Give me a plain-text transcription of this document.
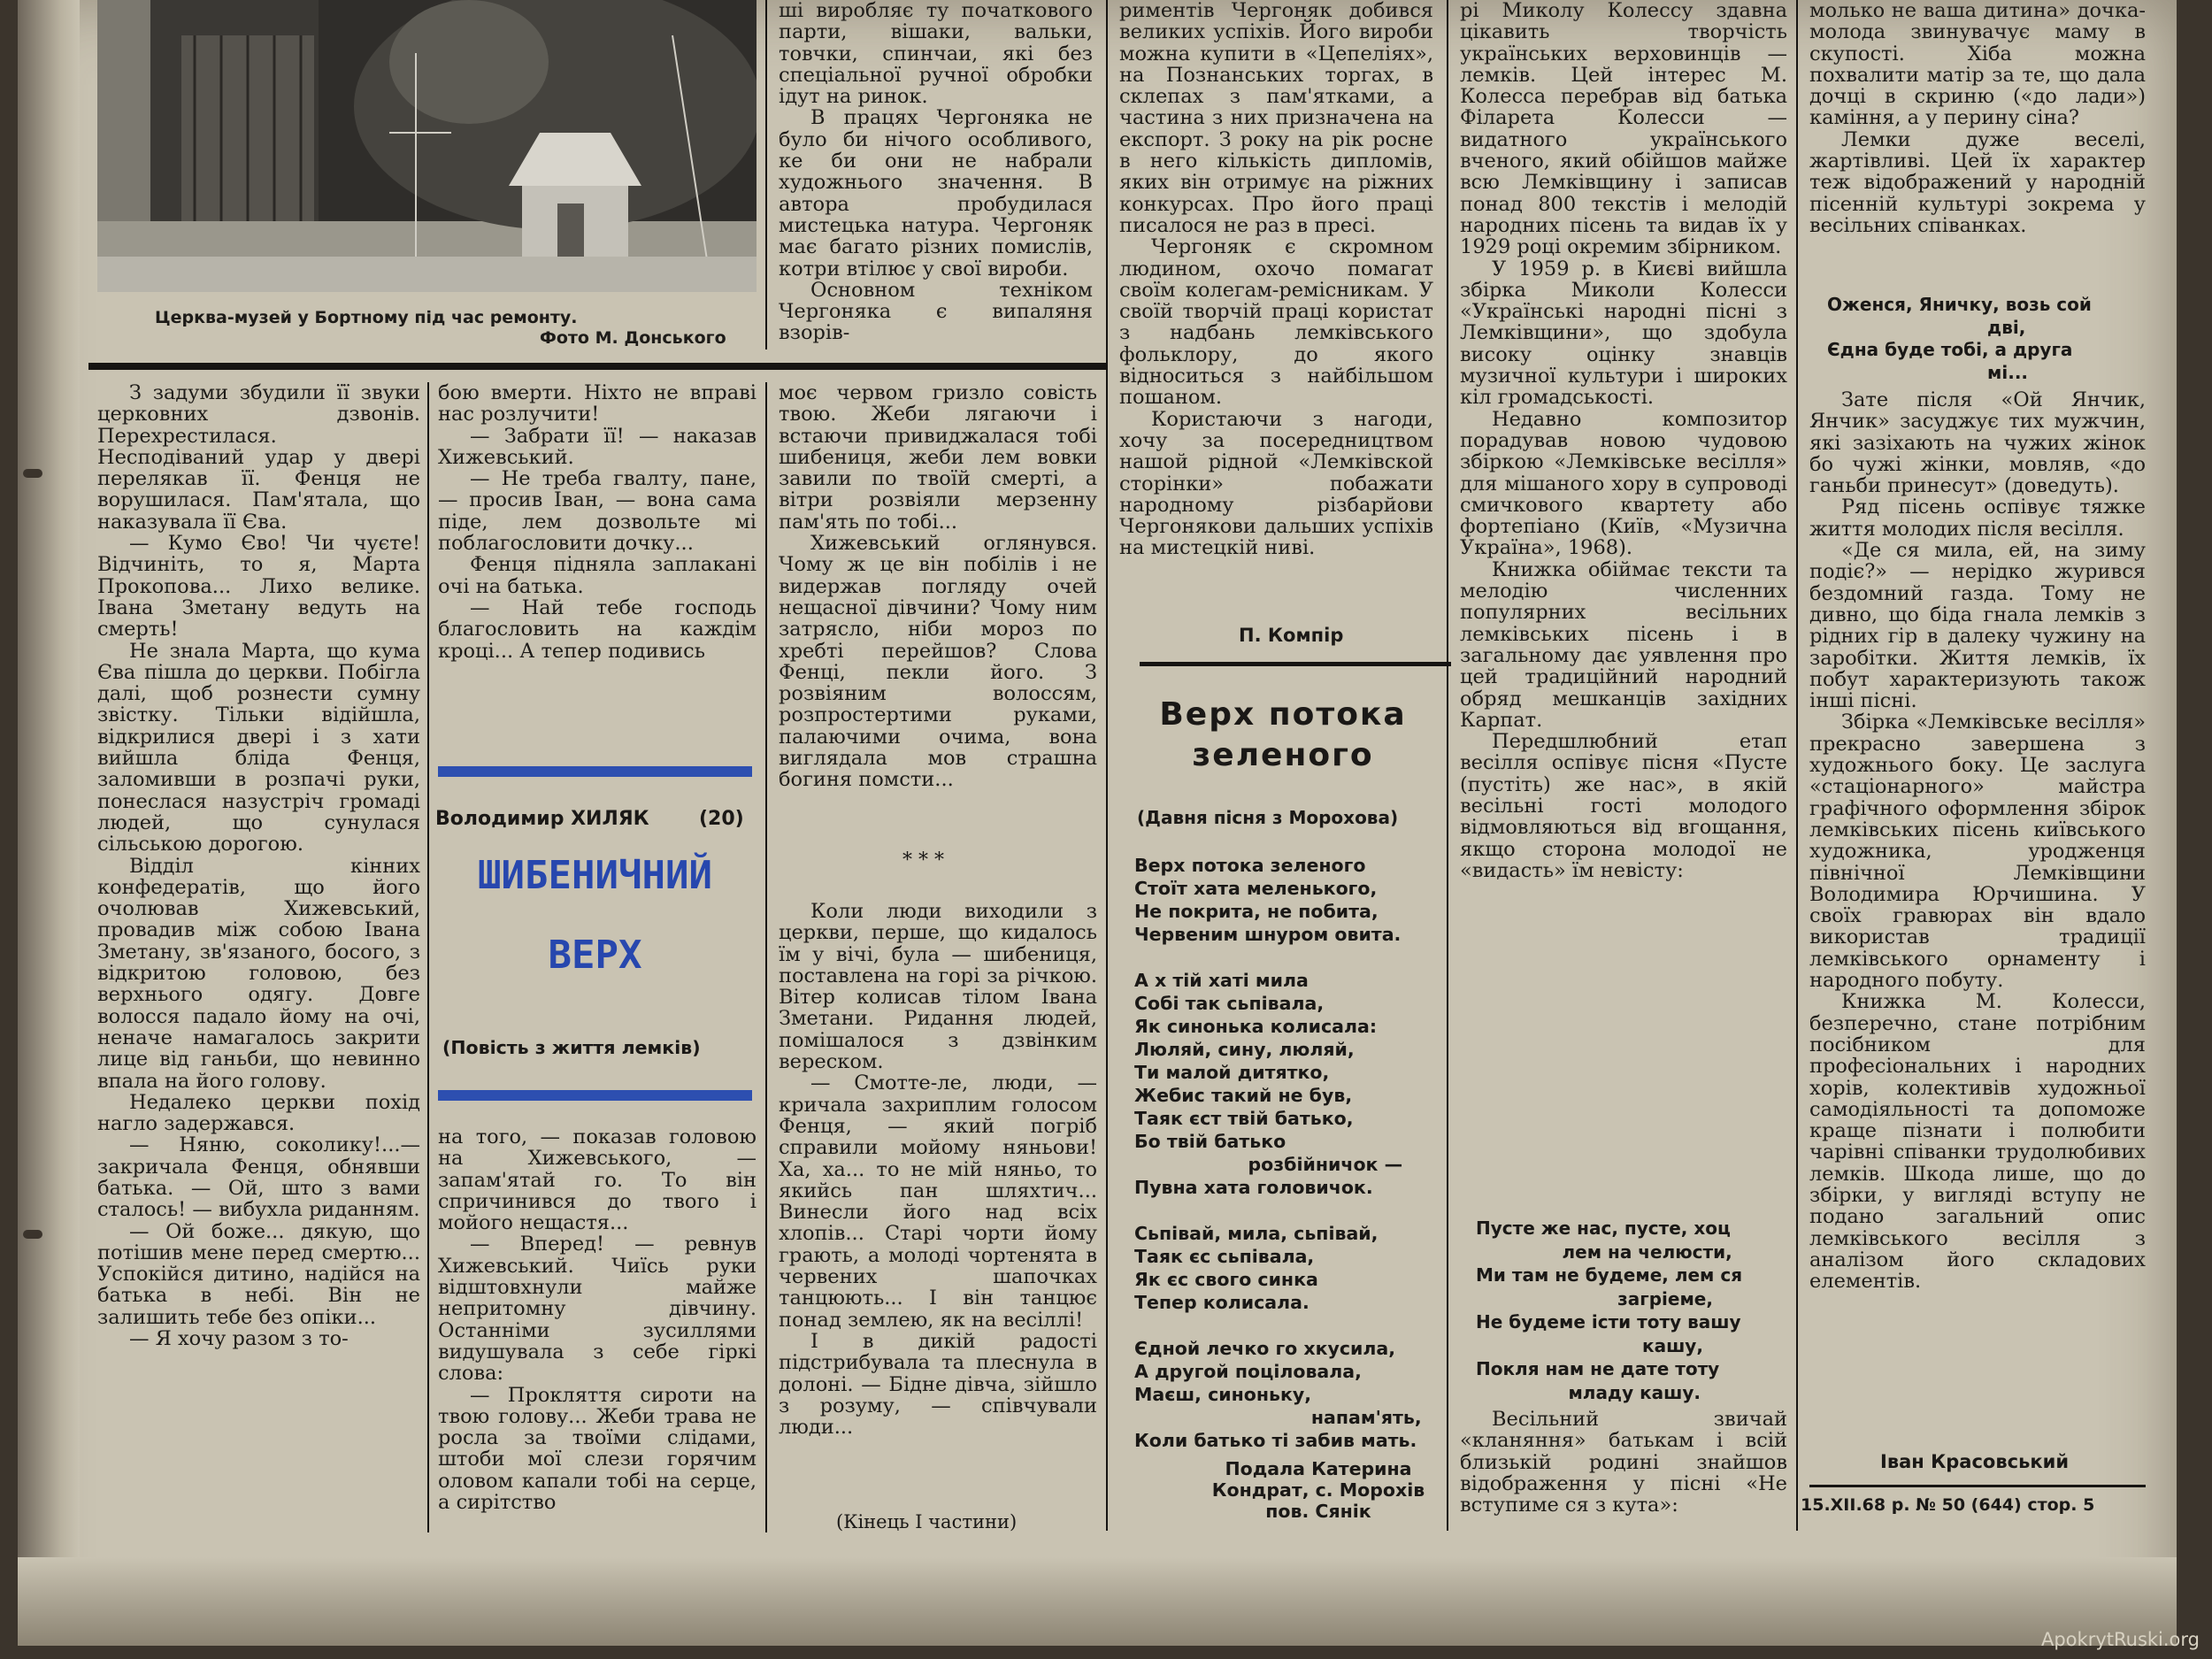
Церква-музей у Бортному під час ремонту.
Фото М. Донського

ші виробляє ту початкового парти, вішаки, вальки, товчки, спинчаи, які без спеціальної ручної обробки ідут на ринок.

В працях Чергоняка не було би нічого особливого, ке би они не набрали художнього значення. В автора пробудилася мистецька натура. Чергоняк має багато різних помислів, котри втілює у свої вироби.

Основном техніком Чергоняка є випаляня взорів-

риментів Чергоняк добився великих успіхів. Його вироби можна купити в «Цепеліях», на Познанських торгах, в склепах з пам'ятками, а частина з них призначена на експорт. З року на рік росне в него кількість дипломів, яких він отримує на ріжних конкурсах. Про його праці писалося не раз в пресі.

Чергоняк є скромном людином, охочо помагат своїм колегам-ремісникам. У своїй творчій праці користат з надбань лемківського фольклору, до якого відноситься з найбільшом пошаном.

Користаючи з нагоди, хочу за посередництвом нашой рідной «Лемківской сторінки» побажати народному різбарйови Чергонякови дальших успіхів на мистецкій ниві.

П. Компір
Верх потока
зеленого
(Давня пісня з Морохова)
Верх потока зеленого
Стоїт хата меленького,
Не покрита, не побита,
Червеним шнуром овита.
А х тій хаті мила
Собі так сьпівала,
Як синонька колисала:
Люляй, сину, люляй,
Ти малой дитятко,
Жебис такий не був,
Таяк єст твій батько,
Бо твій батько
розбійничок —
Пувна хата головичок.
Сьпівай, мила, сьпівай,
Таяк єс сьпівала,
Як єс свого синка
Тепер колисала.
Єдной лечко го хкусила,
А другой поціловала,
Маєш, синоньку,
напам'ять,
Коли батько ті забив мать.
Подала Катерина
Кондрат, с. Морохів
пов. Сянік

рі Миколу Колессу здавна цікавить творчість українських верховинців — лемків. Цей інтерес М. Колесса перебрав від батька Філарета Колесси — видатного українського вченого, який обійшов майже всю Лемківщину і записав понад 800 текстів і мелодій народних пісень та видав їх у 1929 році окремим збірником.

У 1959 р. в Києві вийшла збірка Миколи Колесси «Українські народні пісні з Лемківщини», що здобула високу оцінку знавців музичної культури і широких кіл громадськості.

Недавно композитор порадував новою чудовою збіркою «Лемківське весілля» для мішаного хору в супроводі смичкового квартету або фортепіано (Київ, «Музична Україна», 1968).

Книжка обіймає тексти та мелодію численних популярних весільних лемківських пісень і в загальному дає уявлення про цей традиційний народний обряд мешканців західних Карпат.

Передшлюбний етап весілля оспівує пісня «Пусте (пустіть) же нас», в якій весільні гості молодого відмовляються від вгощання, якщо сторона молодої не «видасть» їм невісту:

Пусте же нас, пусте, хоц
лем на челюсти,
Ми там не будеме, лем ся
загріеме,
Не будеме істи тоту вашу
кашу,
Покля нам не дате тоту
младу кашу.

Весільний звичай «кланяння» батькам і всій близькій родині знайшов відображення у пісні «Не вступиме ся з кута»:

молько не ваша дитина» дочка-молода звинувачує маму в скупості. Хіба можна похвалити матір за те, що дала дочці в скриню («до лади») каміння, а у перину сіна?

Лемки дуже веселі, жартівливі. Цей їх характер теж відображений у народній пісенній культурі зокрема у весільних співанках.

Оженся, Яничку, возь сой
дві,
Єдна буде тобі, а друга
мі...

Зате після «Ой Янчик, Янчик» засуджує тих мужчин, які зазіхають на чужих жінок бо чужі жінки, мовляв, «до ганьби принесут» (доведуть).

Ряд пісень оспівує тяжке життя молодих після весілля.

«Де ся мила, ей, на зиму подіє?» — нерідко журився бездомний газда. Тому не дивно, що біда гнала лемків з рідних гір в далеку чужину на заробітки. Життя лемків, їх побут характеризують також інші пісні.

Збірка «Лемківське весілля» прекрасно завершена з художнього боку. Це заслуга «стаціонарного» майстра графічного оформлення збірок лемківських пісень київського художника, уродженця північної Лемківщини Володимира Юрчишина. У своїх гравюрах він вдало використав традиції лемківського орнаменту і народного побуту.

Книжка М. Колесси, безперечно, стане потрібним посібником для професіональних і народних хорів, колективів художньої самодіяльності та допоможе краще пізнати і полюбити чарівні співанки трудолюбивих лемків. Шкода лише, що до збірки, у вигляді вступу не подано загальний опис лемківського весілля з аналізом його складових елементів.

Іван Красовський
15.XII.68 р. № 50 (644) стор. 5

З задуми збудили її звуки церковних дзвонів. Перехрестилася. Несподіваний удар у двері перелякав її. Фенця не ворушилася. Пам'ятала, що наказувала її Єва.

— Кумо Єво! Чи чуєте! Відчиніть, то я, Марта Прокопова... Лихо велике. Івана Зметану ведуть на смерть!

Не знала Марта, що кума Єва пішла до церкви. Побігла далі, щоб рознести сумну звістку. Тільки відійшла, відкрилися двері і з хати вийшла бліда Фенця, заломивши в розпачі руки, понеслася назустріч громаді людей, що сунулася сільською дорогою.

Відділ кінних конфедератів, що його очолював Хижевський, провадив між собою Івана Зметану, зв'язаного, босого, з відкритою головою, без верхнього одягу. Довге волосся падало йому на очі, неначе намагалось закрити лице від ганьби, що невинно впала на його голову.

Недалеко церкви похід нагло задержався.

— Няню, соколику!...— закричала Фенця, обнявши батька. — Ой, што з вами сталось! — вибухла риданням.

— Ой боже... дякую, що потішив мене перед смертю... Успокійся дитино, надійся на батька в небі. Він не залишить тебе без опіки...

— Я хочу разом з то-

бою вмерти. Ніхто не вправі нас розлучити!

— Забрати її! — наказав Хижевський.

— Не треба гвалту, пане, — просив Іван, — вона сама піде, лем дозвольте мі поблагословити дочку...

Фенця підняла заплакані очі на батька.

— Най тебе господь благословить на каждім кроці... А тепер подивись

Володимир ХИЛЯК	(20)
ШИБЕНИЧНИЙ
ВЕРХ
(Повість з життя лемків)

на того, — показав головою на Хижевського, — запам'ятай го. То він спричинився до твого і мойого нещастя...

— Вперед! — ревнув Хижевський. Чиїсь руки відштовхнули майже непритомну дівчину. Останніми зусиллями видушувала з себе гіркі слова:

— Прокляття сироти на твою голову... Жеби трава не росла за твоїми слідами, штоби мої слези горячим оловом капали тобі на серце, а сирітство

моє червом гризло совість твою. Жеби лягаючи і встаючи привиджалася тобі шибениця, жеби лем вовки завили по твоїй смерті, а вітри розвіяли мерзенну пам'ять по тобі...

Хижевський оглянувся. Чому ж це він побілів і не видержав погляду очей нещасної дівчини? Чому ним затрясло, ніби мороз по хребті перейшов? Слова Фенці, пекли його. З розвіяним волоссям, розпростертими руками, палаючими очима, вона виглядала мов страшна богиня помсти...

* * *

Коли люди виходили з церкви, перше, що кидалось їм у вічі, була — шибениця, поставлена на горі за річкою. Вітер колисав тілом Івана Зметани. Ридання людей, помішалося з дзвінким вереском.

— Смотте-ле, люди, — кричала захриплим голосом Фенця, — який погріб справили мойому няньови! Ха, ха... то не мій няньо, то якийсь пан шляхтич... Винесли його над всіх хлопів... Старі чорти йому грають, а молоді чортенята в червених шапочках танцюють... І він танцює понад землею, як на весіллі!

І в дикій радості підстрибувала та плеснула в долоні. — Бідне дівча, зійшло з розуму, — співчували люди...

(Кінець І частини)
ApokrytRuski.org
